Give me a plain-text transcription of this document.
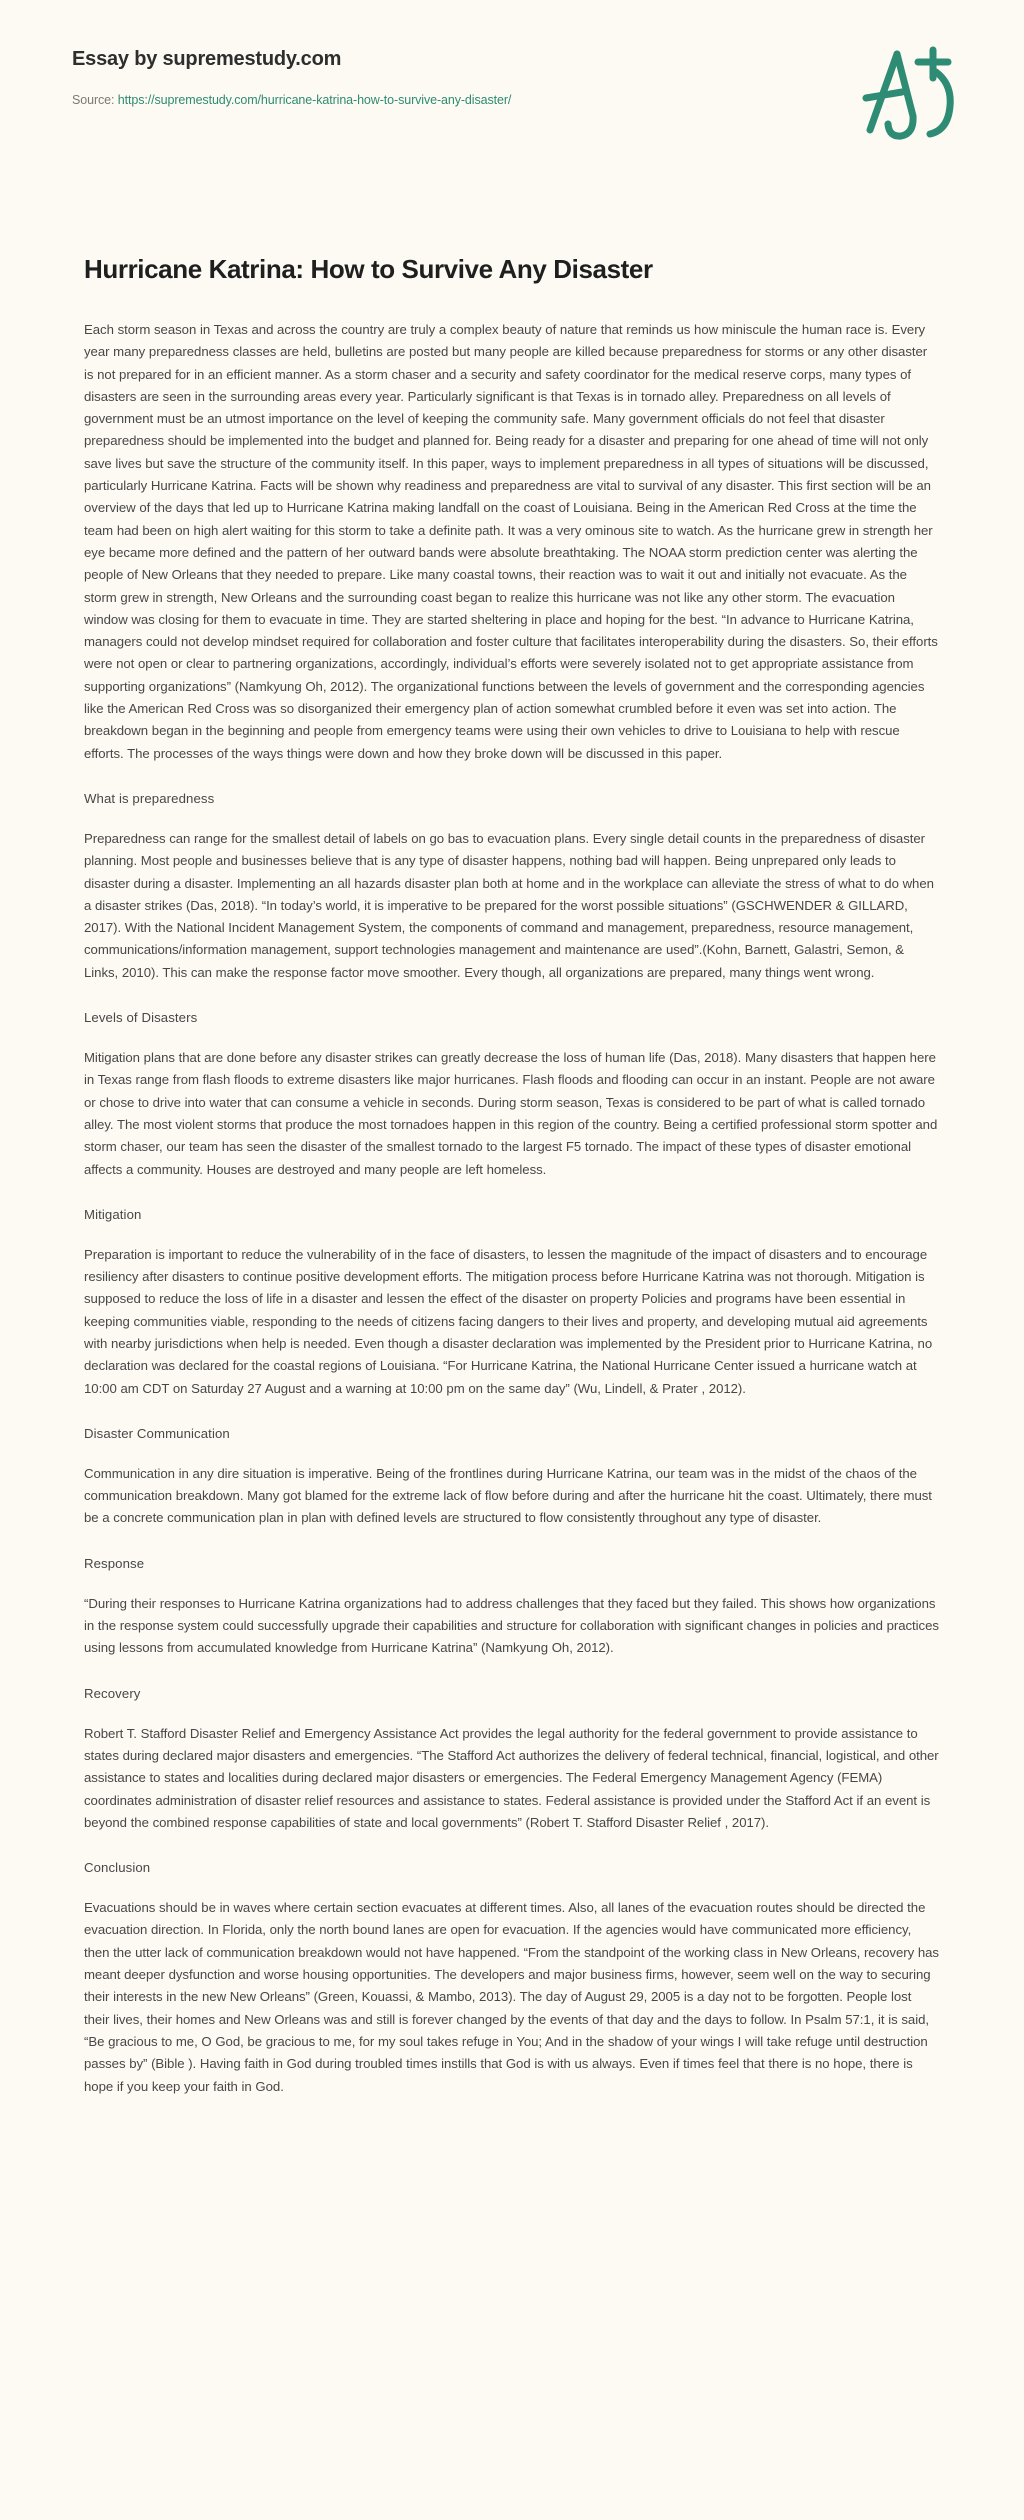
Essay by supremestudy.com
Source: https://supremestudy.com/hurricane-katrina-how-to-survive-any-disaster/
Hurricane Katrina: How to Survive Any Disaster

Each storm season in Texas and across the country are truly a complex beauty of nature that reminds us how miniscule the human race is. Every year many preparedness classes are held, bulletins are posted but many people are killed because preparedness for storms or any other disaster is not prepared for in an efficient manner. As a storm chaser and a security and safety coordinator for the medical reserve corps, many types of disasters are seen in the surrounding areas every year. Particularly significant is that Texas is in tornado alley. Preparedness on all levels of government must be an utmost importance on the level of keeping the community safe. Many government officials do not feel that disaster preparedness should be implemented into the budget and planned for. Being ready for a disaster and preparing for one ahead of time will not only save lives but save the structure of the community itself. In this paper, ways to implement preparedness in all types of situations will be discussed, particularly Hurricane Katrina. Facts will be shown why readiness and preparedness are vital to survival of any disaster. This first section will be an overview of the days that led up to Hurricane Katrina making landfall on the coast of Louisiana. Being in the American Red Cross at the time the team had been on high alert waiting for this storm to take a definite path. It was a very ominous site to watch. As the hurricane grew in strength her eye became more defined and the pattern of her outward bands were absolute breathtaking. The NOAA storm prediction center was alerting the people of New Orleans that they needed to prepare. Like many coastal towns, their reaction was to wait it out and initially not evacuate. As the storm grew in strength, New Orleans and the surrounding coast began to realize this hurricane was not like any other storm. The evacuation window was closing for them to evacuate in time. They are started sheltering in place and hoping for the best. “In advance to Hurricane Katrina, managers could not develop mindset required for collaboration and foster culture that facilitates interoperability during the disasters. So, their efforts were not open or clear to partnering organizations, accordingly, individual’s efforts were severely isolated not to get appropriate assistance from supporting organizations” (Namkyung Oh, 2012). The organizational functions between the levels of government and the corresponding agencies like the American Red Cross was so disorganized their emergency plan of action somewhat crumbled before it even was set into action. The breakdown began in the beginning and people from emergency teams were using their own vehicles to drive to Louisiana to help with rescue efforts. The processes of the ways things were down and how they broke down will be discussed in this paper.

What is preparedness

Preparedness can range for the smallest detail of labels on go bas to evacuation plans. Every single detail counts in the preparedness of disaster planning. Most people and businesses believe that is any type of disaster happens, nothing bad will happen. Being unprepared only leads to disaster during a disaster. Implementing an all hazards disaster plan both at home and in the workplace can alleviate the stress of what to do when a disaster strikes (Das, 2018). “In today’s world, it is imperative to be prepared for the worst possible situations” (GSCHWENDER & GILLARD, 2017). With the National Incident Management System, the components of command and management, preparedness, resource management, communications/information management, support technologies management and maintenance are used”.(Kohn, Barnett, Galastri, Semon, & Links, 2010). This can make the response factor move smoother. Every though, all organizations are prepared, many things went wrong.

Levels of Disasters

Mitigation plans that are done before any disaster strikes can greatly decrease the loss of human life (Das, 2018). Many disasters that happen here in Texas range from flash floods to extreme disasters like major hurricanes. Flash floods and flooding can occur in an instant. People are not aware or chose to drive into water that can consume a vehicle in seconds. During storm season, Texas is considered to be part of what is called tornado alley. The most violent storms that produce the most tornadoes happen in this region of the country. Being a certified professional storm spotter and storm chaser, our team has seen the disaster of the smallest tornado to the largest F5 tornado. The impact of these types of disaster emotional affects a community. Houses are destroyed and many people are left homeless.

Mitigation

Preparation is important to reduce the vulnerability of in the face of disasters, to lessen the magnitude of the impact of disasters and to encourage resiliency after disasters to continue positive development efforts. The mitigation process before Hurricane Katrina was not thorough. Mitigation is supposed to reduce the loss of life in a disaster and lessen the effect of the disaster on property Policies and programs have been essential in keeping communities viable, responding to the needs of citizens facing dangers to their lives and property, and developing mutual aid agreements with nearby jurisdictions when help is needed. Even though a disaster declaration was implemented by the President prior to Hurricane Katrina, no declaration was declared for the coastal regions of Louisiana. “For Hurricane Katrina, the National Hurricane Center issued a hurricane watch at 10:00 am CDT on Saturday 27 August and a warning at 10:00 pm on the same day” (Wu, Lindell, & Prater , 2012).

Disaster Communication

Communication in any dire situation is imperative. Being of the frontlines during Hurricane Katrina, our team was in the midst of the chaos of the communication breakdown. Many got blamed for the extreme lack of flow before during and after the hurricane hit the coast. Ultimately, there must be a concrete communication plan in plan with defined levels are structured to flow consistently throughout any type of disaster.

Response

“During their responses to Hurricane Katrina organizations had to address challenges that they faced but they failed. This shows how organizations in the response system could successfully upgrade their capabilities and structure for collaboration with significant changes in policies and practices using lessons from accumulated knowledge from Hurricane Katrina” (Namkyung Oh, 2012).

Recovery

Robert T. Stafford Disaster Relief and Emergency Assistance Act provides the legal authority for the federal government to provide assistance to states during declared major disasters and emergencies. “The Stafford Act authorizes the delivery of federal technical, financial, logistical, and other assistance to states and localities during declared major disasters or emergencies. The Federal Emergency Management Agency (FEMA) coordinates administration of disaster relief resources and assistance to states. Federal assistance is provided under the Stafford Act if an event is beyond the combined response capabilities of state and local governments” (Robert T. Stafford Disaster Relief , 2017).

Conclusion

Evacuations should be in waves where certain section evacuates at different times. Also, all lanes of the evacuation routes should be directed the evacuation direction. In Florida, only the north bound lanes are open for evacuation. If the agencies would have communicated more efficiency, then the utter lack of communication breakdown would not have happened. “From the standpoint of the working class in New Orleans, recovery has meant deeper dysfunction and worse housing opportunities. The developers and major business firms, however, seem well on the way to securing their interests in the new New Orleans” (Green, Kouassi, & Mambo, 2013). The day of August 29, 2005 is a day not to be forgotten. People lost their lives, their homes and New Orleans was and still is forever changed by the events of that day and the days to follow. In Psalm 57:1, it is said, “Be gracious to me, O God, be gracious to me, for my soul takes refuge in You; And in the shadow of your wings I will take refuge until destruction passes by” (Bible ). Having faith in God during troubled times instills that God is with us always. Even if times feel that there is no hope, there is hope if you keep your faith in God.
